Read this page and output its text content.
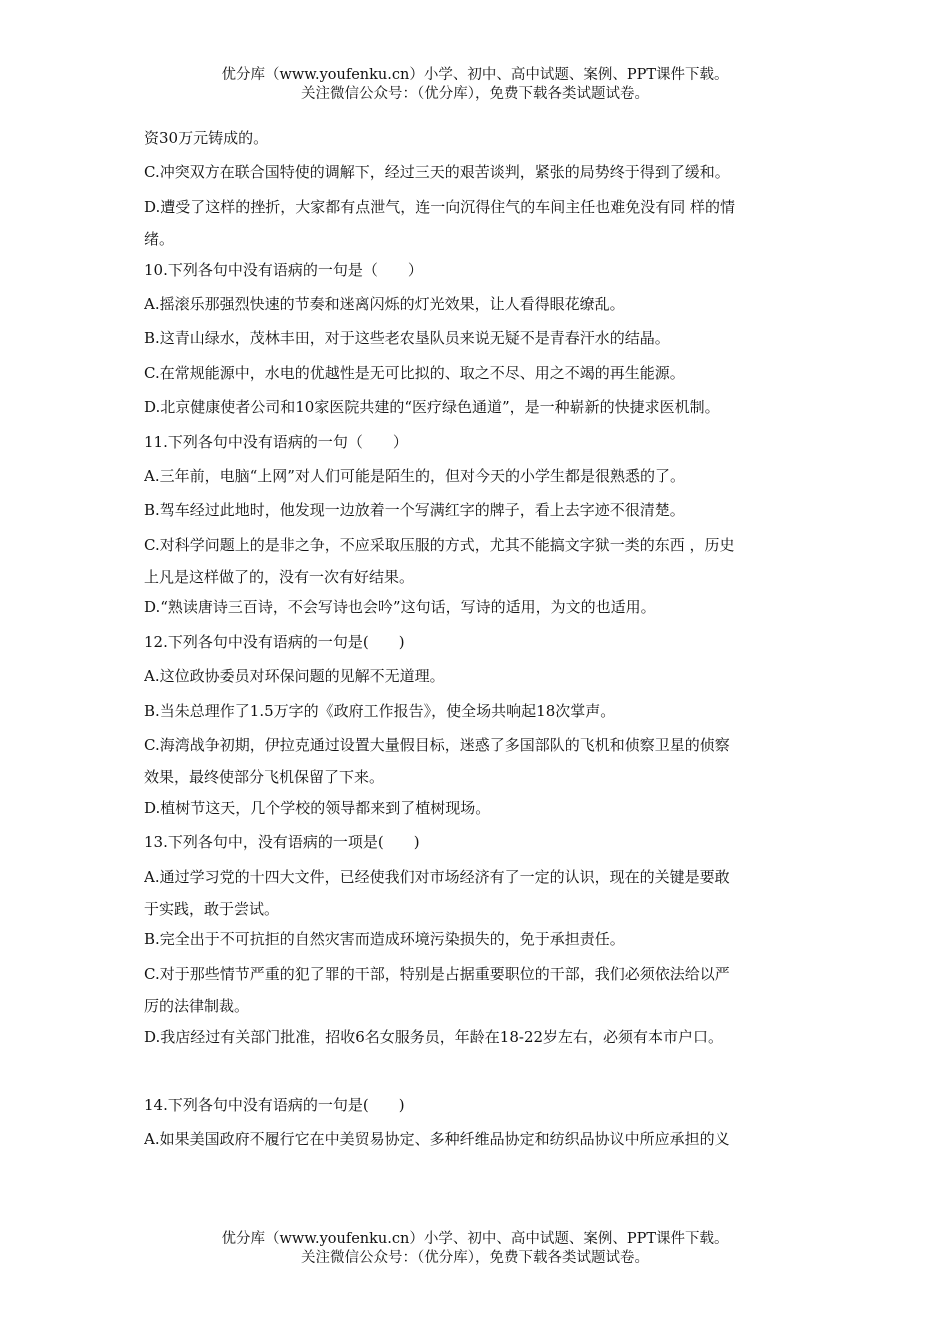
优分库（www.youfenku.cn）小学、初中、高中试题、案例、PPT课件下载。
关注微信公众号：（优分库），免费下载各类试题试卷。
资30万元铸成的。
C.冲突双方在联合国特使的调解下，经过三天的艰苦谈判，紧张的局势终于得到了缓和。
D.遭受了这样的挫折，大家都有点泄气，连一向沉得住气的车间主任也难免没有同 样的情
绪。
10.下列各句中没有语病的一句是（　　）
A.摇滚乐那强烈快速的节奏和迷离闪烁的灯光效果，让人看得眼花缭乱。
B.这青山绿水，茂林丰田，对于这些老农垦队员来说无疑不是青春汗水的结晶。
C.在常规能源中，水电的优越性是无可比拟的、取之不尽、用之不竭的再生能源。
D.北京健康使者公司和10家医院共建的“医疗绿色通道”，是一种崭新的快捷求医机制。
11.下列各句中没有语病的一句（　　）
A.三年前，电脑“上网”对人们可能是陌生的，但对今天的小学生都是很熟悉的了。
B.驾车经过此地时，他发现一边放着一个写满红字的牌子，看上去字迹不很清楚。
C.对科学问题上的是非之争，不应采取压服的方式，尤其不能搞文字狱一类的东西 ，历史
上凡是这样做了的，没有一次有好结果。
D.“熟读唐诗三百诗，不会写诗也会吟”这句话，写诗的适用，为文的也适用。
12.下列各句中没有语病的一句是(　　)
A.这位政协委员对环保问题的见解不无道理。
B.当朱总理作了1.5万字的《政府工作报告》，使全场共响起18次掌声。
C.海湾战争初期，伊拉克通过设置大量假目标，迷惑了多国部队的飞机和侦察卫星的侦察
效果，最终使部分飞机保留了下来。
D.植树节这天，几个学校的领导都来到了植树现场。
13.下列各句中，没有语病的一项是(　　)
A.通过学习党的十四大文件，已经使我们对市场经济有了一定的认识，现在的关键是要敢
于实践，敢于尝试。
B.完全出于不可抗拒的自然灾害而造成环境污染损失的，免于承担责任。
C.对于那些情节严重的犯了罪的干部，特别是占据重要职位的干部，我们必须依法给以严
厉的法律制裁。
D.我店经过有关部门批准，招收6名女服务员，年龄在18-22岁左右，必须有本市户口。
14.下列各句中没有语病的一句是(　　)
A.如果美国政府不履行它在中美贸易协定、多种纤维品协定和纺织品协议中所应承担的义
优分库（www.youfenku.cn）小学、初中、高中试题、案例、PPT课件下载。
关注微信公众号：（优分库），免费下载各类试题试卷。
